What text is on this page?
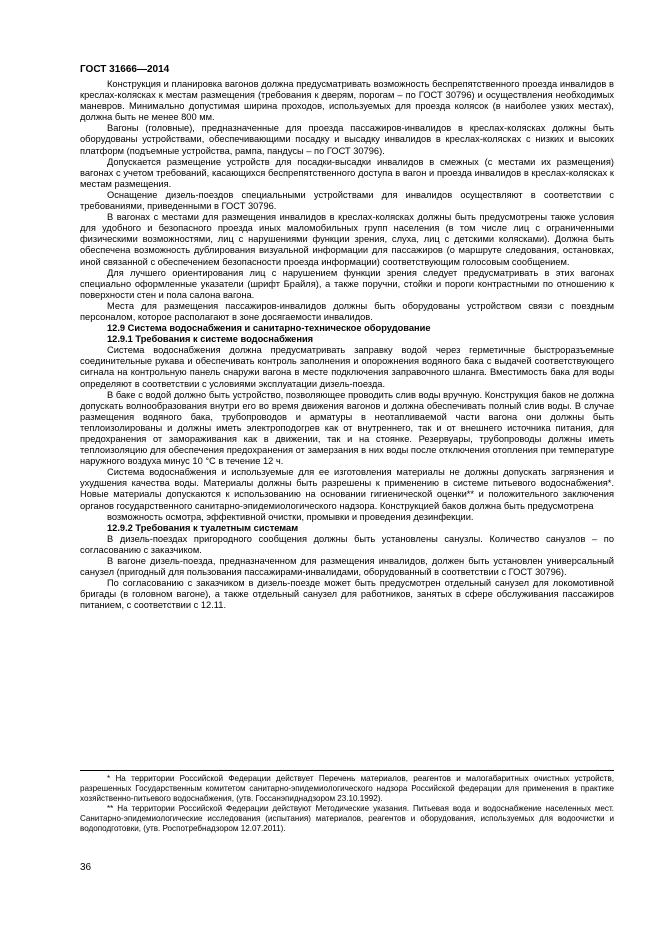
ГОСТ 31666—2014

Конструкция и планировка вагонов должна предусматривать возможность беспрепятственного проезда инвалидов в креслах-колясках к местам размещения (требования к дверям, порогам – по ГОСТ 30796) и осуществления необходимых маневров. Минимально допустимая ширина проходов, используемых для проезда колясок (в наиболее узких местах), должна быть не менее 800 мм.

Вагоны (головные), предназначенные для проезда пассажиров-инвалидов в креслах-колясках должны быть оборудованы устройствами, обеспечивающими посадку и высадку инвалидов в креслах-колясках с низких и высоких платформ (подъемные устройства, рампа, пандусы – по ГОСТ 30796).

Допускается размещение устройств для посадки-высадки инвалидов в смежных (с местами их размещения) вагонах с учетом требований, касающихся беспрепятственного доступа в вагон и проезда инвалидов в креслах-колясках к местам размещения.

Оснащение дизель-поездов специальными устройствами для инвалидов осуществляют в соответствии с требованиями, приведенными в ГОСТ 30796.

В вагонах с местами для размещения инвалидов в креслах-колясках должны быть предусмотрены также условия для удобного и безопасного проезда иных маломобильных групп населения (в том числе лиц с ограниченными физическими возможностями, лиц с нарушениями функции зрения, слуха, лиц с детскими колясками). Должна быть обеспечена возможность дублирования визуальной информации для пассажиров (о маршруте следования, остановках, иной связанной с обеспечением безопасности проезда информации) соответствующим голосовым сообщением.

Для лучшего ориентирования лиц с нарушением функции зрения следует предусматривать в этих вагонах специально оформленные указатели (шрифт Брайля), а также поручни, стойки и пороги контрастными по отношению к поверхности стен и пола салона вагона.

Места для размещения пассажиров-инвалидов должны быть оборудованы устройством связи с поездным персоналом, которое располагают в зоне досягаемости инвалидов.

12.9 Система водоснабжения и санитарно-техническое оборудование

12.9.1 Требования к системе водоснабжения

Система водоснабжения должна предусматривать заправку водой через герметичные быстроразъемные соединительные рукава и обеспечивать контроль заполнения и опорожнения водяного бака с выдачей соответствующего сигнала на контрольную панель снаружи вагона в месте подключения заправочного шланга. Вместимость бака для воды определяют в соответствии с условиями эксплуатации дизель-поезда.

В баке с водой должно быть устройство, позволяющее проводить слив воды вручную. Конструкция баков не должна допускать волнообразования внутри его во время движения вагонов и должна обеспечивать полный слив воды. В случае размещения водяного бака, трубопроводов и арматуры в неотапливаемой части вагона они должны быть теплоизолированы и должны иметь электроподогрев как от внутреннего, так и от внешнего источника питания, для предохранения от замораживания как в движении, так и на стоянке. Резервуары, трубопроводы должны иметь теплоизоляцию для обеспечения предохранения от замерзания в них воды после отключения отопления при температуре наружного воздуха минус 10 °С в течение 12 ч.

Система водоснабжения и используемые для ее изготовления материалы не должны допускать загрязнения и ухудшения качества воды. Материалы должны быть разрешены к применению в системе питьевого водоснабжения*. Новые материалы допускаются к использованию на основании гигиенической оценки** и положительного заключения органов государственного санитарно-эпидемиологического надзора. Конструкцией баков должна быть предусмотрена

возможность осмотра, эффективной очистки, промывки и проведения дезинфекции.

12.9.2 Требования к туалетным системам

В дизель-поездах пригородного сообщения должны быть установлены санузлы. Количество санузлов – по согласованию с заказчиком.

В вагоне дизель-поезда, предназначенном для размещения инвалидов, должен быть установлен универсальный санузел (пригодный для пользования пассажирами-инвалидами, оборудованный в соответствии с ГОСТ 30796).

По согласованию с заказчиком в дизель-поезде может быть предусмотрен отдельный санузел для локомотивной бригады (в головном вагоне), а также отдельный санузел для работников, занятых в сфере обслуживания пассажиров питанием, с соответствии с 12.11.

* На территории Российской Федерации действует Перечень материалов, реагентов и малогабаритных очистных устройств, разрешенных Государственным комитетом санитарно-эпидемиологического надзора Российской федерации для применения в практике хозяйственно-питьевого водоснабжения, (утв. Госсанэпиднадзором 23.10.1992).

** На территории Российской Федерации действуют Методические указания. Питьевая вода и водоснабжение населенных мест. Санитарно-эпидемиологические исследования (испытания) материалов, реагентов и оборудования, используемых для водоочистки и водоподготовки, (утв. Роспотребнадзором 12.07.2011).

36
